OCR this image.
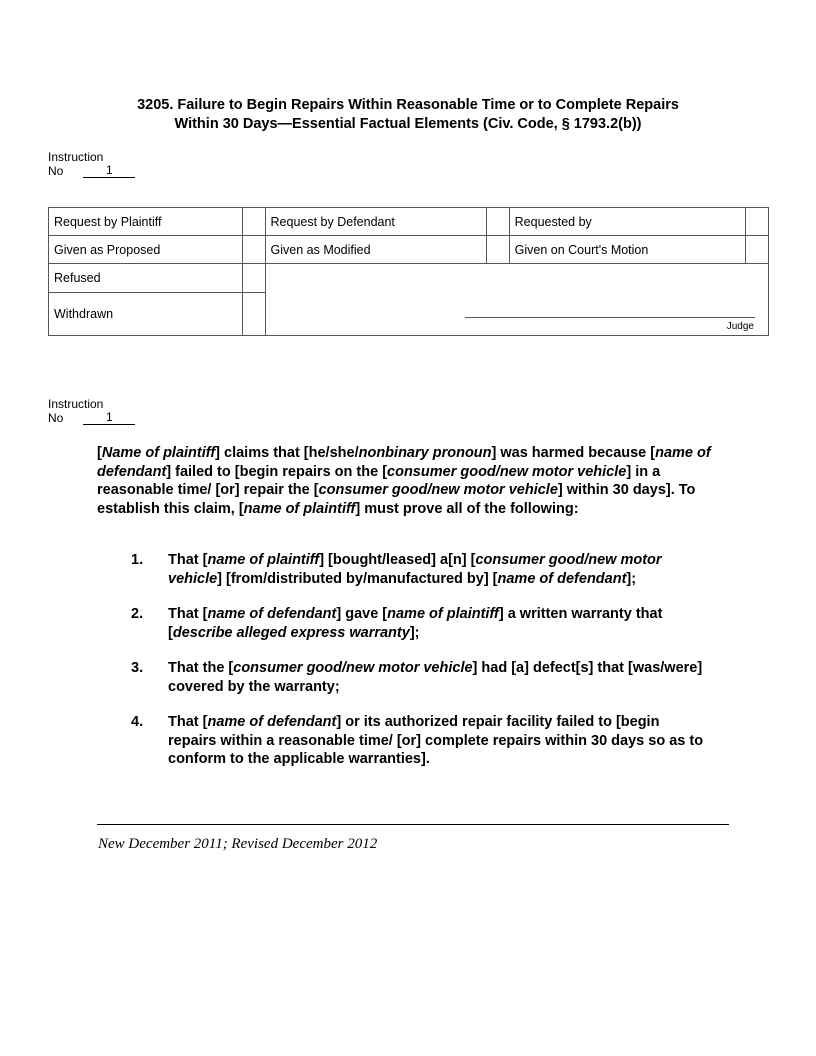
3205. Failure to Begin Repairs Within Reasonable Time or to Complete Repairs
Within 30 Days—Essential Factual Elements (Civ. Code, § 1793.2(b))
Instruction
No	1
Request by Plaintiff		Request by Defendant		Requested by	
Given as Proposed		Given as Modified		Given on Court's Motion	
Refused		Judge			

Withdrawn					
Instruction
No	1
[Name of plaintiff] claims that [he/she/nonbinary pronoun] was harmed because [name of defendant] failed to [begin repairs on the [consumer good/new motor vehicle] in a reasonable time/ [or] repair the [consumer good/new motor vehicle] within 30 days]. To establish this claim, [name of plaintiff] must prove all of the following:
1.	That [name of plaintiff] [bought/leased] a[n] [consumer good/new motor vehicle] [from/distributed by/manufactured by] [name of defendant];
2.	That [name of defendant] gave [name of plaintiff] a written warranty that [describe alleged express warranty];
3.	That the [consumer good/new motor vehicle] had [a] defect[s] that [was/were] covered by the warranty;
4.	That [name of defendant] or its authorized repair facility failed to [begin repairs within a reasonable time/ [or] complete repairs within 30 days so as to conform to the applicable warranties].
New December 2011; Revised December 2012
